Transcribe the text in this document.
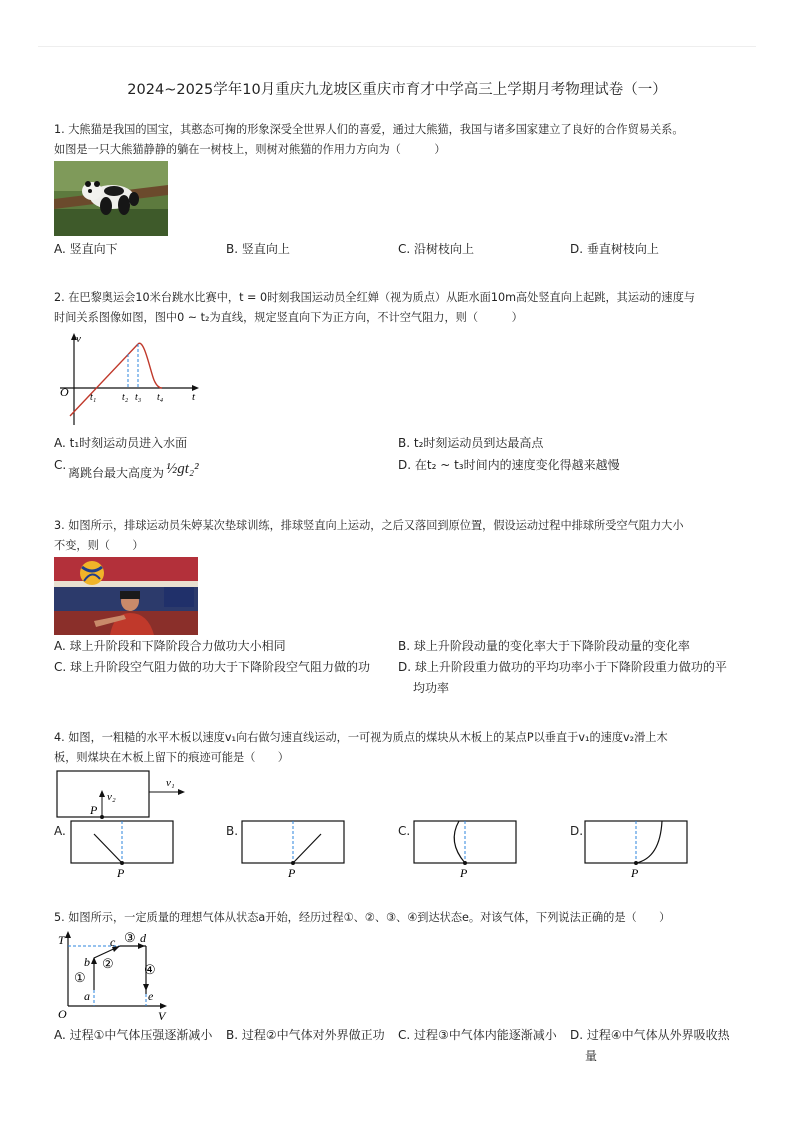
2024~2025学年10月重庆九龙坡区重庆市育才中学高三上学期月考物理试卷（一）
1. 大熊猫是我国的国宝，其憨态可掬的形象深受全世界人们的喜爱，通过大熊猫，我国与诸多国家建立了良好的合作贸易关系。
如图是一只大熊猫静静的躺在一树枝上，则树对熊猫的作用力方向为（　　　）
A. 竖直向下	B. 竖直向上	C. 沿树枝向上	D. 垂直树枝向上
2. 在巴黎奥运会10米台跳水比赛中，t = 0时刻我国运动员全红婵（视为质点）从距水面10m高处竖直向上起跳，其运动的速度与
时间关系图像如图，图中0 ~ t₂为直线，规定竖直向下为正方向，不计空气阻力，则（　　　）
v
O	t
t₁	t₂ t₃ t₄
A. t₁时刻运动员进入水面	B. t₂时刻运动员到达最高点
C.
离跳台最大高度为 ½gt₂²	D. 在t₂ ~ t₃时间内的速度变化得越来越慢
3. 如图所示，排球运动员朱婷某次垫球训练，排球竖直向上运动，之后又落回到原位置，假设运动过程中排球所受空气阻力大小
不变，则（　　）
A. 球上升阶段和下降阶段合力做功大小相同	B. 球上升阶段动量的变化率大于下降阶段动量的变化率
C. 球上升阶段空气阻力做的功大于下降阶段空气阻力做的功 D. 球上升阶段重力做功的平均功率小于下降阶段重力做功的平
均功率
4. 如图，一粗糙的水平木板以速度v₁向右做匀速直线运动，一可视为质点的煤块从木板上的某点P以垂直于v₁的速度v₂滑上木
板，则煤块在木板上留下的痕迹可能是（　　）
v₁
v₂
P
A.
P
B.
P
C.
P
D.
P
5. 如图所示，一定质量的理想气体从状态a开始，经历过程①、②、③、④到达状态e。对该气体，下列说法正确的是（　　）
T
V
O
a
b
c d
e
①
②
③
④
A. 过程①中气体压强逐渐减小 B. 过程②中气体对外界做正功 C. 过程③中气体内能逐渐减小 D. 过程④中气体从外界吸收热
量
